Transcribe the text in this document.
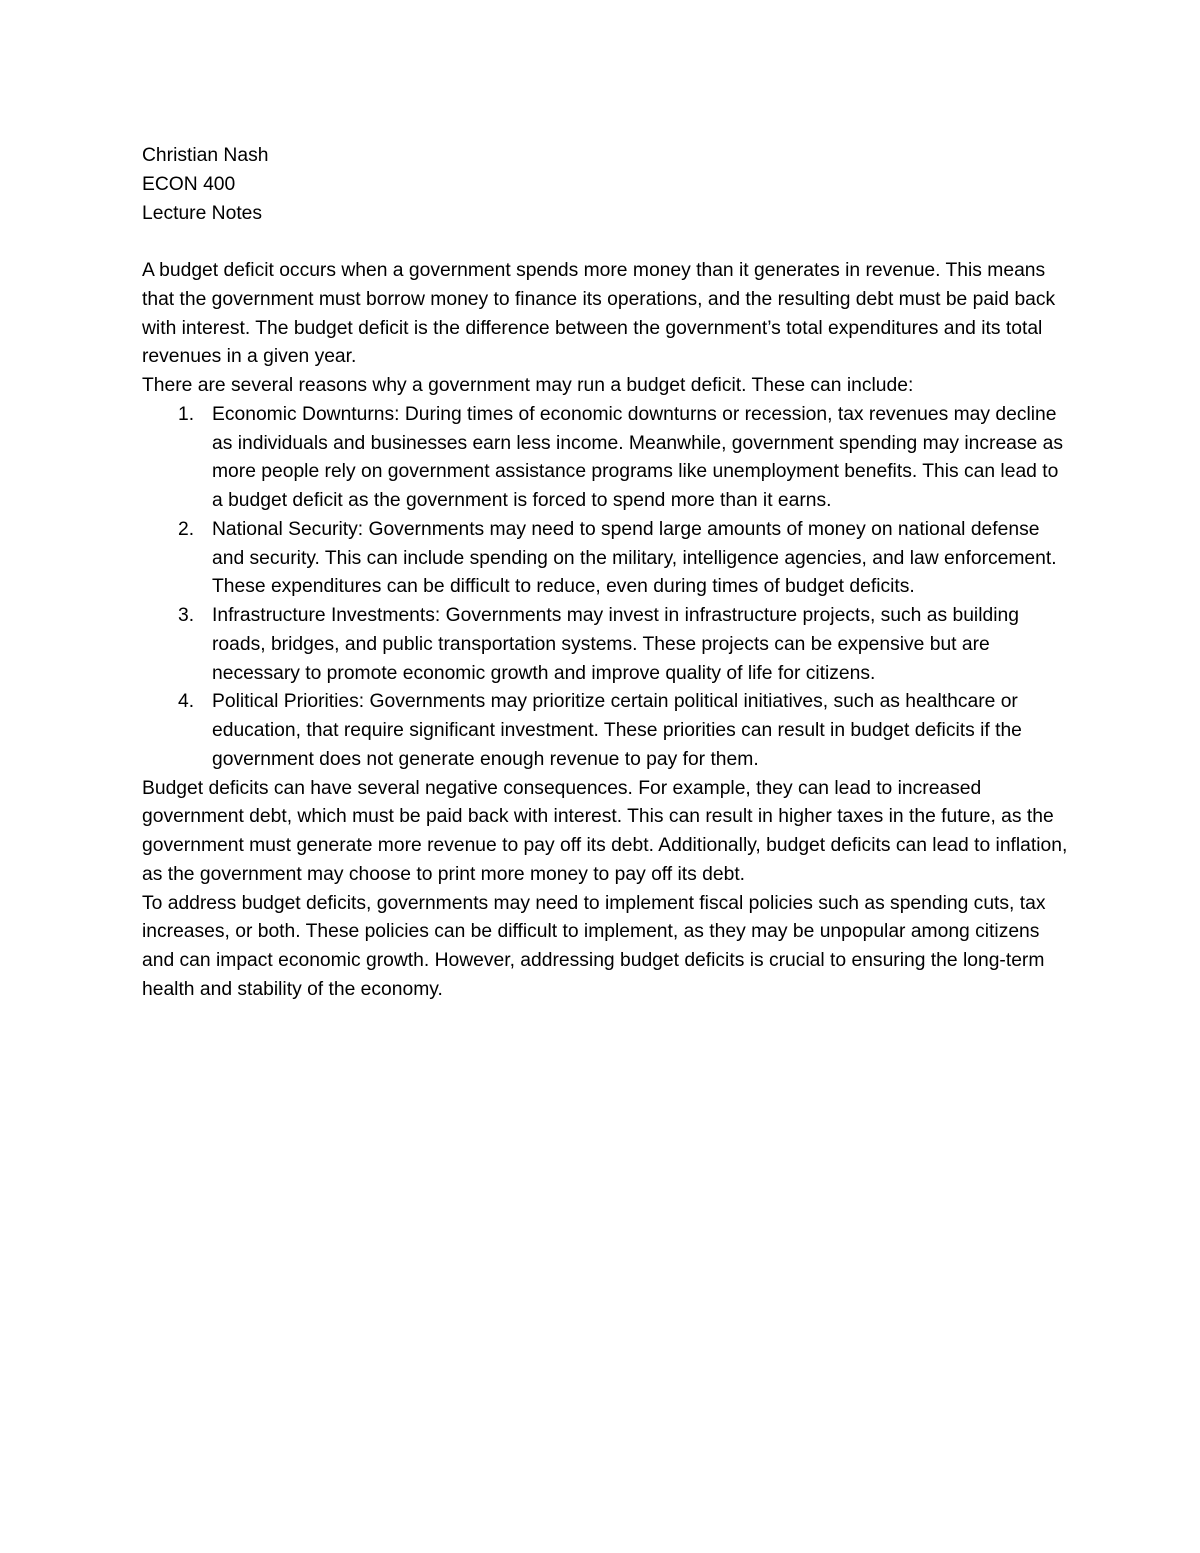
Christian Nash
ECON 400
Lecture Notes

A budget deficit occurs when a government spends more money than it generates in revenue. This means that the government must borrow money to finance its operations, and the resulting debt must be paid back with interest. The budget deficit is the difference between the government’s total expenditures and its total revenues in a given year.

There are several reasons why a government may run a budget deficit. These can include:

1. Economic Downturns: During times of economic downturns or recession, tax revenues may decline as individuals and businesses earn less income. Meanwhile, government spending may increase as more people rely on government assistance programs like unemployment benefits. This can lead to a budget deficit as the government is forced to spend more than it earns.
2. National Security: Governments may need to spend large amounts of money on national defense and security. This can include spending on the military, intelligence agencies, and law enforcement. These expenditures can be difficult to reduce, even during times of budget deficits.
3. Infrastructure Investments: Governments may invest in infrastructure projects, such as building roads, bridges, and public transportation systems. These projects can be expensive but are necessary to promote economic growth and improve quality of life for citizens.
4. Political Priorities: Governments may prioritize certain political initiatives, such as healthcare or education, that require significant investment. These priorities can result in budget deficits if the government does not generate enough revenue to pay for them.

Budget deficits can have several negative consequences. For example, they can lead to increased government debt, which must be paid back with interest. This can result in higher taxes in the future, as the government must generate more revenue to pay off its debt. Additionally, budget deficits can lead to inflation, as the government may choose to print more money to pay off its debt.

To address budget deficits, governments may need to implement fiscal policies such as spending cuts, tax increases, or both. These policies can be difficult to implement, as they may be unpopular among citizens and can impact economic growth. However, addressing budget deficits is crucial to ensuring the long-term health and stability of the economy.
